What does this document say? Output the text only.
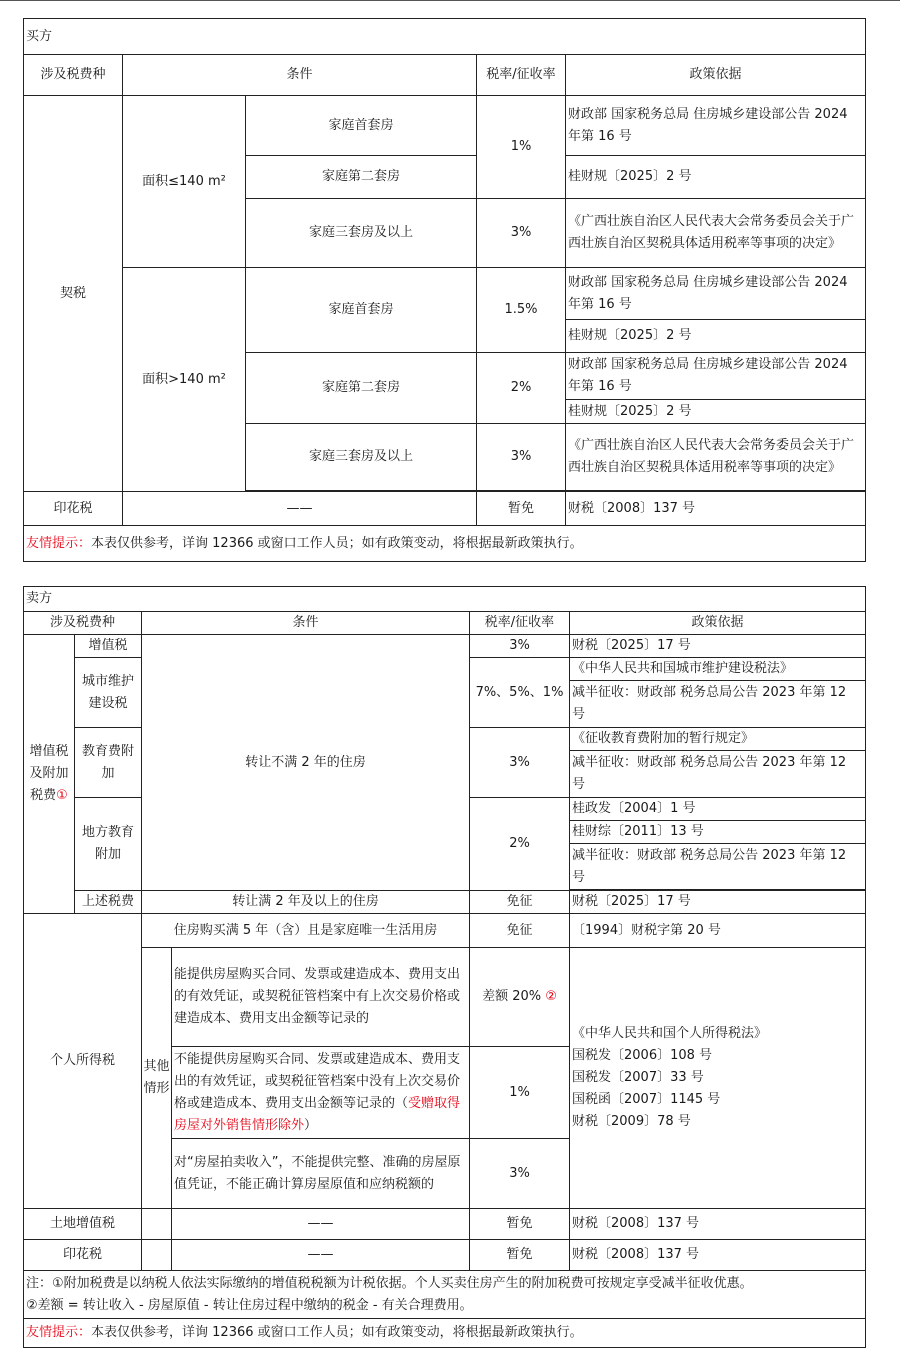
买方				
涉及税费种	条件		税率/征收率	政策依据
契税	面积≤140 m²	家庭首套房	1%	财政部 国家税务总局 住房城乡建设部公告 2024 年第 16 号
		家庭第二套房		桂财规〔2025〕2 号
		家庭三套房及以上	3%	《广西壮族自治区人民代表大会常务委员会关于广西壮族自治区契税具体适用税率等事项的决定》
	面积>140 m²	家庭首套房	1.5%	财政部 国家税务总局 住房城乡建设部公告 2024 年第 16 号
				桂财规〔2025〕2 号
		家庭第二套房	2%	财政部 国家税务总局 住房城乡建设部公告 2024 年第 16 号
				桂财规〔2025〕2 号
		家庭三套房及以上	3%	《广西壮族自治区人民代表大会常务委员会关于广西壮族自治区契税具体适用税率等事项的决定》

印花税	——		暂免	财税〔2008〕137 号
友情提示：本表仅供参考，详询 12366 或窗口工作人员；如有政策变动，将根据最新政策执行。				
卖方					
涉及税费种		条件		税率/征收率	政策依据
增值税
及附加
税费①	增值税	转让不满 2 年的住房		3%	财税〔2025〕17 号
	城市维护建设税			7%、5%、1%	《中华人民共和国城市维护建设税法》
					减半征收：财政部 税务总局公告 2023 年第 12 号
	教育费附加			3%	《征收教育费附加的暂行规定》
					减半征收：财政部 税务总局公告 2023 年第 12 号
	地方教育附加			2%	桂政发〔2004〕1 号
					桂财综〔2011〕13 号
					减半征收：财政部 税务总局公告 2023 年第 12 号

	上述税费	转让满 2 年及以上的住房		免征	财税〔2025〕17 号
个人所得税		住房购买满 5 年（含）且是家庭唯一生活用房		免征	〔1994〕财税字第 20 号
		其他
情形	能提供房屋购买合同、发票或建造成本、费用支出的有效凭证，或契税征管档案中有上次交易价格或建造成本、费用支出金额等记录的	差额 20% ②	《中华人民共和国个人所得税法》
国税发〔2006〕108 号
国税发〔2007〕33 号
国税函〔2007〕1145 号
财税〔2009〕78 号
			不能提供房屋购买合同、发票或建造成本、费用支出的有效凭证，或契税征管档案中没有上次交易价格或建造成本、费用支出金额等记录的（受赠取得房屋对外销售情形除外）	1%	
			对“房屋拍卖收入”，不能提供完整、准确的房屋原值凭证，不能正确计算房屋原值和应纳税额的	3%	
土地增值税			——	暂免	财税〔2008〕137 号
印花税			——	暂免	财税〔2008〕137 号
注：①附加税费是以纳税人依法实际缴纳的增值税税额为计税依据。个人买卖住房产生的附加税费可按规定享受减半征收优惠。
②差额 = 转让收入 - 房屋原值 - 转让住房过程中缴纳的税金 - 有关合理费用。					
友情提示：本表仅供参考，详询 12366 或窗口工作人员；如有政策变动，将根据最新政策执行。					
